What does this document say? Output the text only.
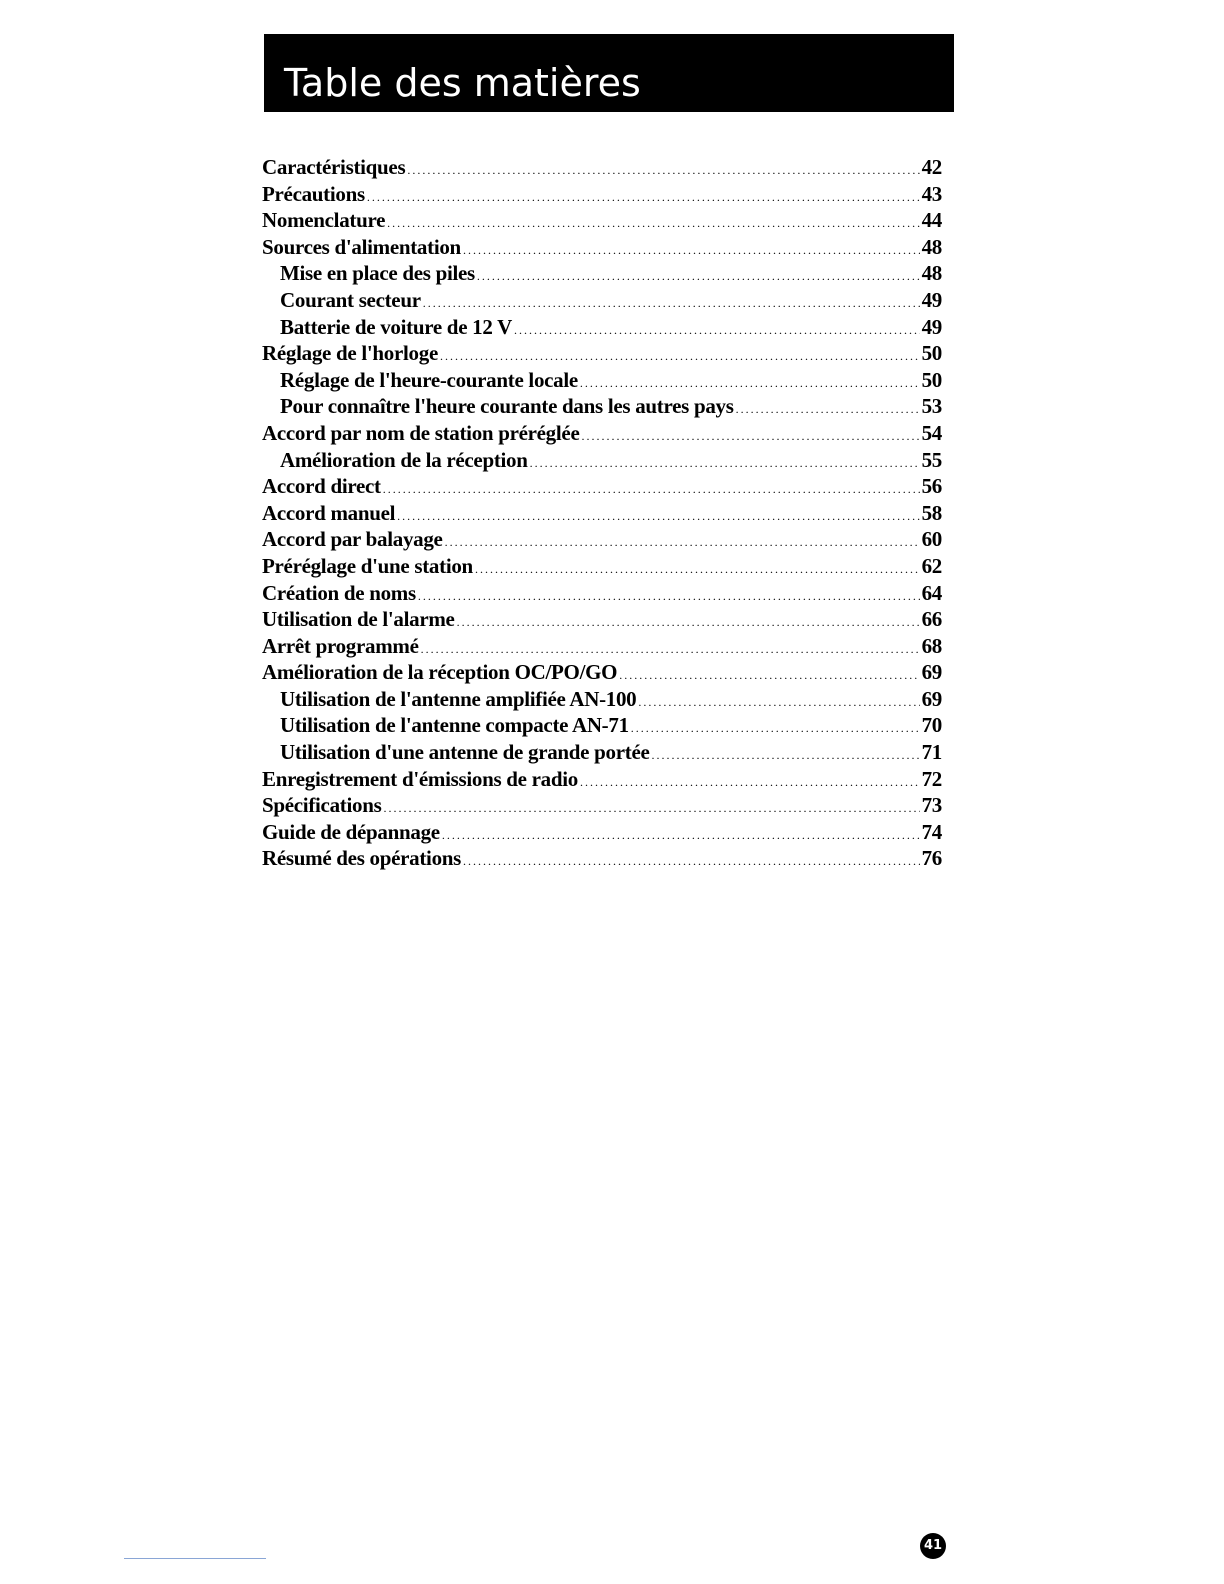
Table des matières
Caractéristiques .....	42
Précautions .....	43
Nomenclature .....	44
Sources d'alimentation .....	48
Mise en place des piles .....	48
Courant secteur .....	49
Batterie de voiture de 12 V .....	49
Réglage de l'horloge .....	50
Réglage de l'heure-courante locale .....	50
Pour connaître l'heure courante dans les autres pays .....	53
Accord par nom de station préréglée .....	54
Amélioration de la réception .....	55
Accord direct .....	56
Accord manuel .....	58
Accord par balayage .....	60
Préréglage d'une station .....	62
Création de noms .....	64
Utilisation de l'alarme .....	66
Arrêt programmé .....	68
Amélioration de la réception OC/PO/GO .....	69
Utilisation de l'antenne amplifiée AN-100 .....	69
Utilisation de l'antenne compacte AN-71 .....	70
Utilisation d'une antenne de grande portée .....	71
Enregistrement d'émissions de radio .....	72
Spécifications .....	73
Guide de dépannage .....	74
Résumé des opérations .....	76
41
